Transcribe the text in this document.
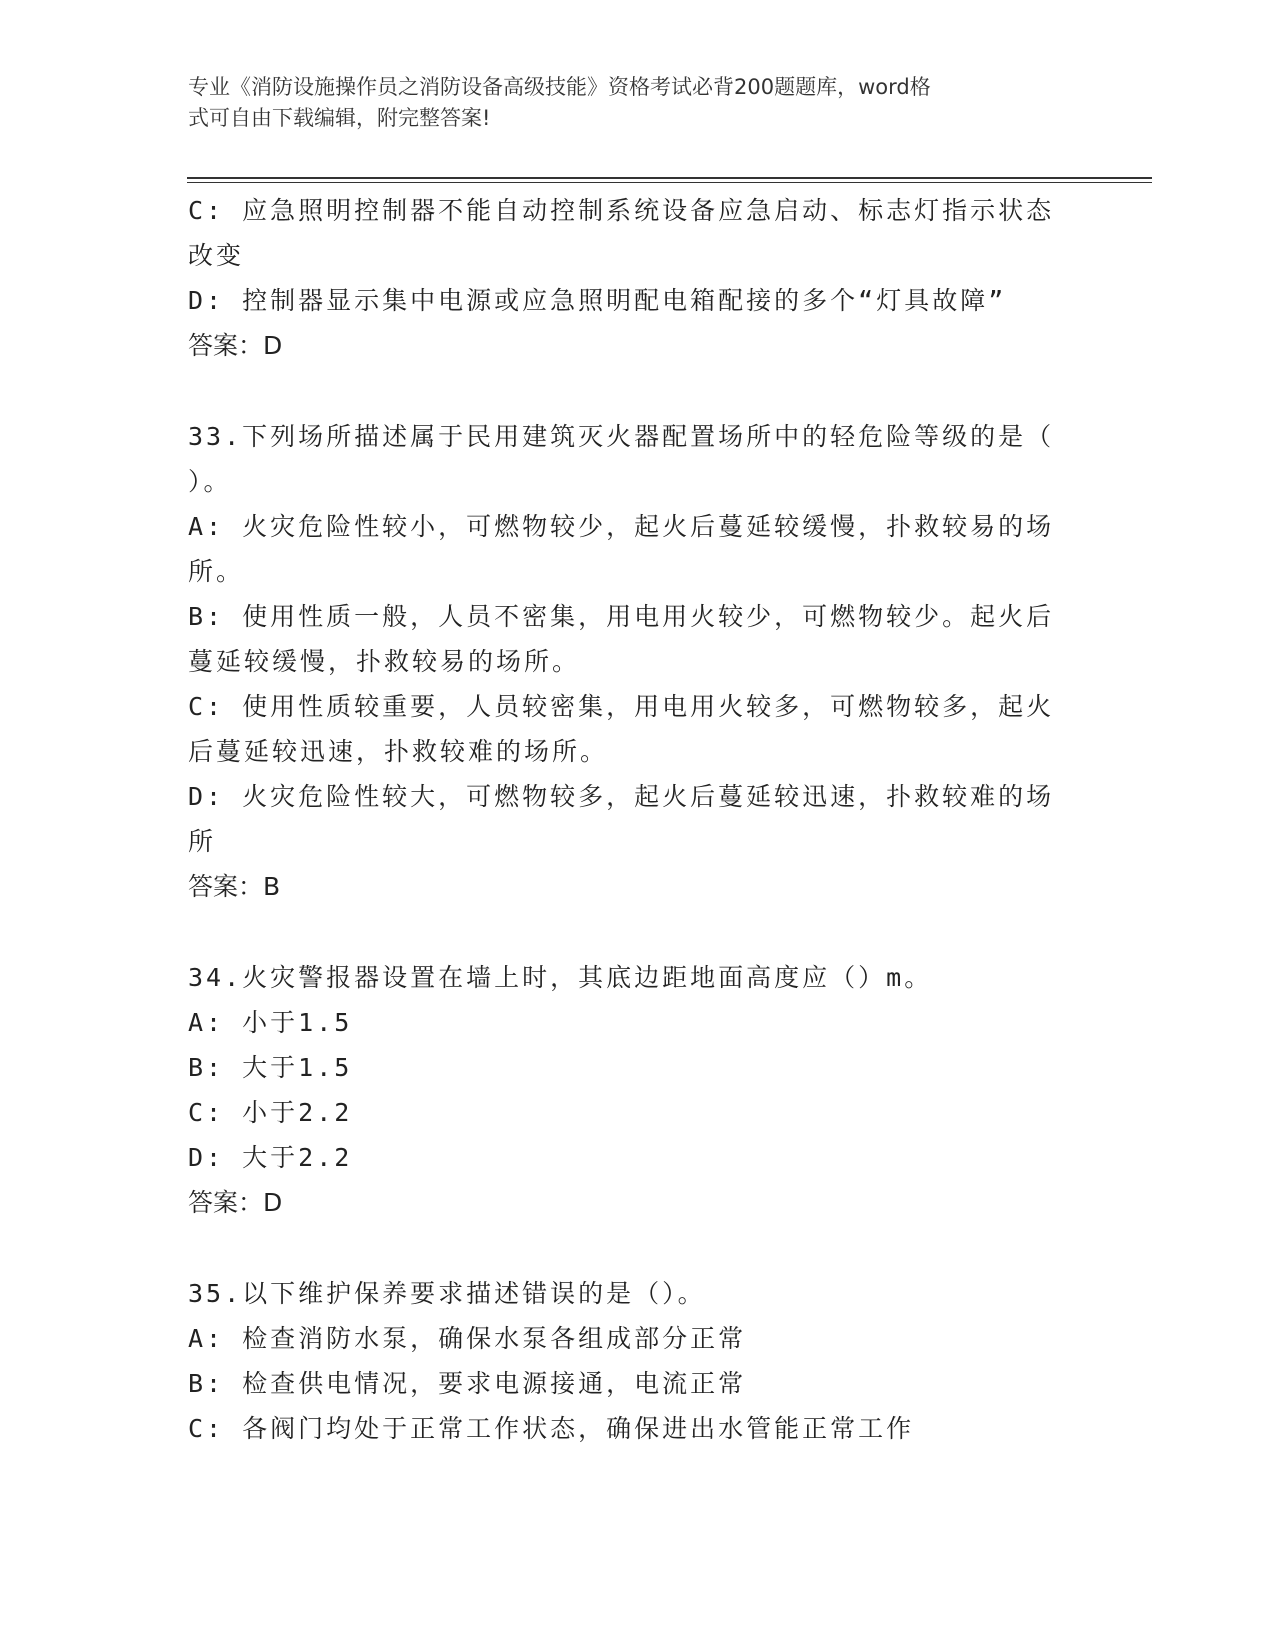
专业《消防设施操作员之消防设备高级技能》资格考试必背200题题库，word格

式可自由下载编辑，附完整答案!

C: 应急照明控制器不能自动控制系统设备应急启动、标志灯指示状态

改变

D: 控制器显示集中电源或应急照明配电箱配接的多个“灯具故障”

答案：D

33.下列场所描述属于民用建筑灭火器配置场所中的轻危险等级的是（

）。

A: 火灾危险性较小，可燃物较少，起火后蔓延较缓慢，扑救较易的场

所。

B: 使用性质一般，人员不密集，用电用火较少，可燃物较少。起火后

蔓延较缓慢，扑救较易的场所。

C: 使用性质较重要，人员较密集，用电用火较多，可燃物较多，起火

后蔓延较迅速，扑救较难的场所。

D: 火灾危险性较大，可燃物较多，起火后蔓延较迅速，扑救较难的场

所

答案：B

34.火灾警报器设置在墙上时，其底边距地面高度应（）m。

A: 小于1.5

B: 大于1.5

C: 小于2.2

D: 大于2.2

答案：D

35.以下维护保养要求描述错误的是（）。

A: 检查消防水泵，确保水泵各组成部分正常

B: 检查供电情况，要求电源接通，电流正常

C: 各阀门均处于正常工作状态，确保进出水管能正常工作
